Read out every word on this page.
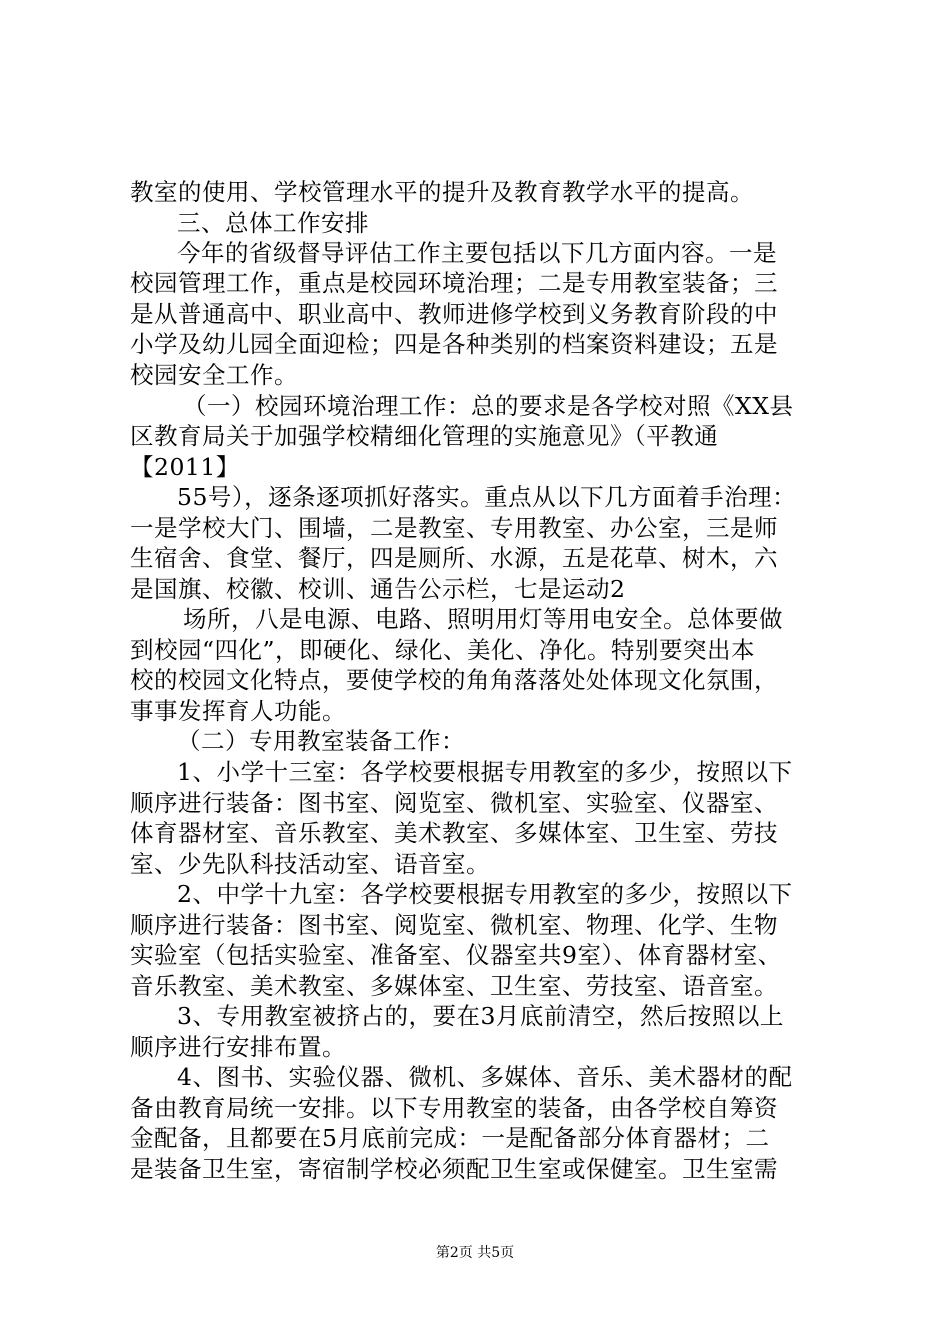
教室的使用、学校管理水平的提升及教育教学水平的提高。
三、总体工作安排
今年的省级督导评估工作主要包括以下几方面内容。一是
校园管理工作，重点是校园环境治理；二是专用教室装备；三
是从普通高中、职业高中、教师进修学校到义务教育阶段的中
小学及幼儿园全面迎检；四是各种类别的档案资料建设；五是
校园安全工作。
（一）校园环境治理工作：总的要求是各学校对照《XX县
区教育局关于加强学校精细化管理的实施意见》（平教通
【2011】
55号），逐条逐项抓好落实。重点从以下几方面着手治理：
一是学校大门、围墙，二是教室、专用教室、办公室，三是师
生宿舍、食堂、餐厅，四是厕所、水源，五是花草、树木，六
是国旗、校徽、校训、通告公示栏，七是运动2
场所，八是电源、电路、照明用灯等用电安全。总体要做
到校园“四化”，即硬化、绿化、美化、净化。特别要突出本
校的校园文化特点，要使学校的角角落落处处体现文化氛围，
事事发挥育人功能。
（二）专用教室装备工作：
1、小学十三室：各学校要根据专用教室的多少，按照以下
顺序进行装备：图书室、阅览室、微机室、实验室、仪器室、
体育器材室、音乐教室、美术教室、多媒体室、卫生室、劳技
室、少先队科技活动室、语音室。
2、中学十九室：各学校要根据专用教室的多少，按照以下
顺序进行装备：图书室、阅览室、微机室、物理、化学、生物
实验室（包括实验室、准备室、仪器室共9室）、体育器材室、
音乐教室、美术教室、多媒体室、卫生室、劳技室、语音室。
3、专用教室被挤占的，要在3月底前清空，然后按照以上
顺序进行安排布置。
4、图书、实验仪器、微机、多媒体、音乐、美术器材的配
备由教育局统一安排。以下专用教室的装备，由各学校自筹资
金配备，且都要在5月底前完成：一是配备部分体育器材；二
是装备卫生室，寄宿制学校必须配卫生室或保健室。卫生室需
第2页 共5页
